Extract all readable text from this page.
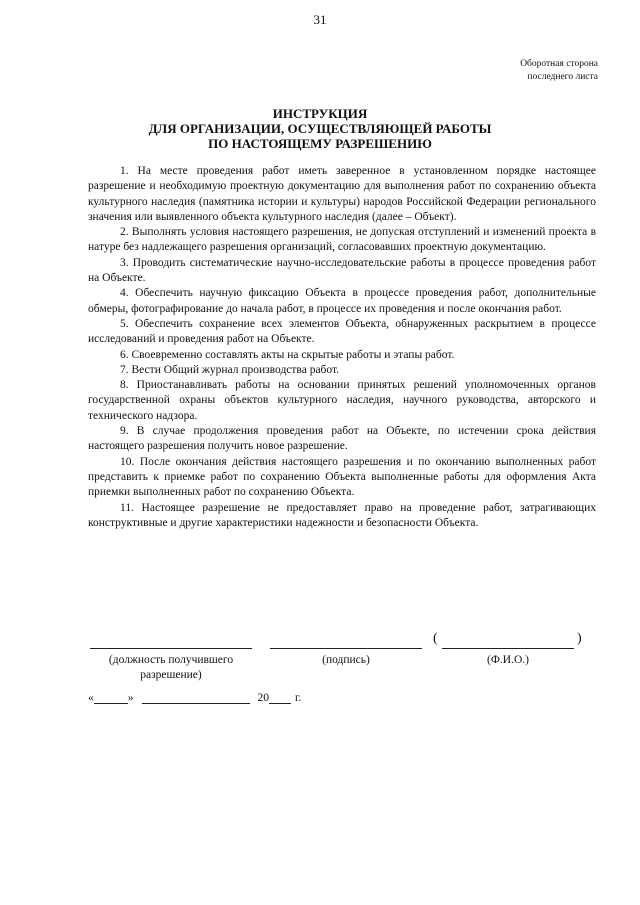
31
Оборотная сторона
последнего листа
ИНСТРУКЦИЯ
ДЛЯ ОРГАНИЗАЦИИ, ОСУЩЕСТВЛЯЮЩЕЙ РАБОТЫ
ПО НАСТОЯЩЕМУ РАЗРЕШЕНИЮ

1. На месте проведения работ иметь заверенное в установленном порядке настоящее разрешение и необходимую проектную документацию для выполнения работ по сохранению объекта культурного наследия (памятника истории и культуры) народов Российской Федерации регионального значения или выявленного объекта культурного наследия (далее – Объект).

2. Выполнять условия настоящего разрешения, не допуская отступлений и изменений проекта в натуре без надлежащего разрешения организаций, согласовавших проектную документацию.

3. Проводить систематические научно-исследовательские работы в процессе проведения работ на Объекте.

4. Обеспечить научную фиксацию Объекта в процессе проведения работ, дополнительные обмеры, фотографирование до начала работ, в процессе их проведения и после окончания работ.

5. Обеспечить сохранение всех элементов Объекта, обнаруженных раскрытием в процессе исследований и проведения работ на Объекте.

6. Своевременно составлять акты на скрытые работы и этапы работ.

7. Вести Общий журнал производства работ.

8. Приостанавливать работы на основании принятых решений уполномоченных органов государственной охраны объектов культурного наследия, научного руководства, авторского и технического надзора.

9. В случае продолжения проведения работ на Объекте, по истечении срока действия настоящего разрешения получить новое разрешение.

10. После окончания действия настоящего разрешения и по окончанию выполненных работ представить к приемке работ по сохранению Объекта выполненные работы для оформления Акта приемки выполненных работ по сохранению Объекта.

11. Настоящее разрешение не предоставляет право на проведение работ, затрагивающих конструктивные и другие характеристики надежности и безопасности Объекта.

(должность получившего
разрешение)
(подпись)
(	)
(Ф.И.О.)
«	»	20 г.
